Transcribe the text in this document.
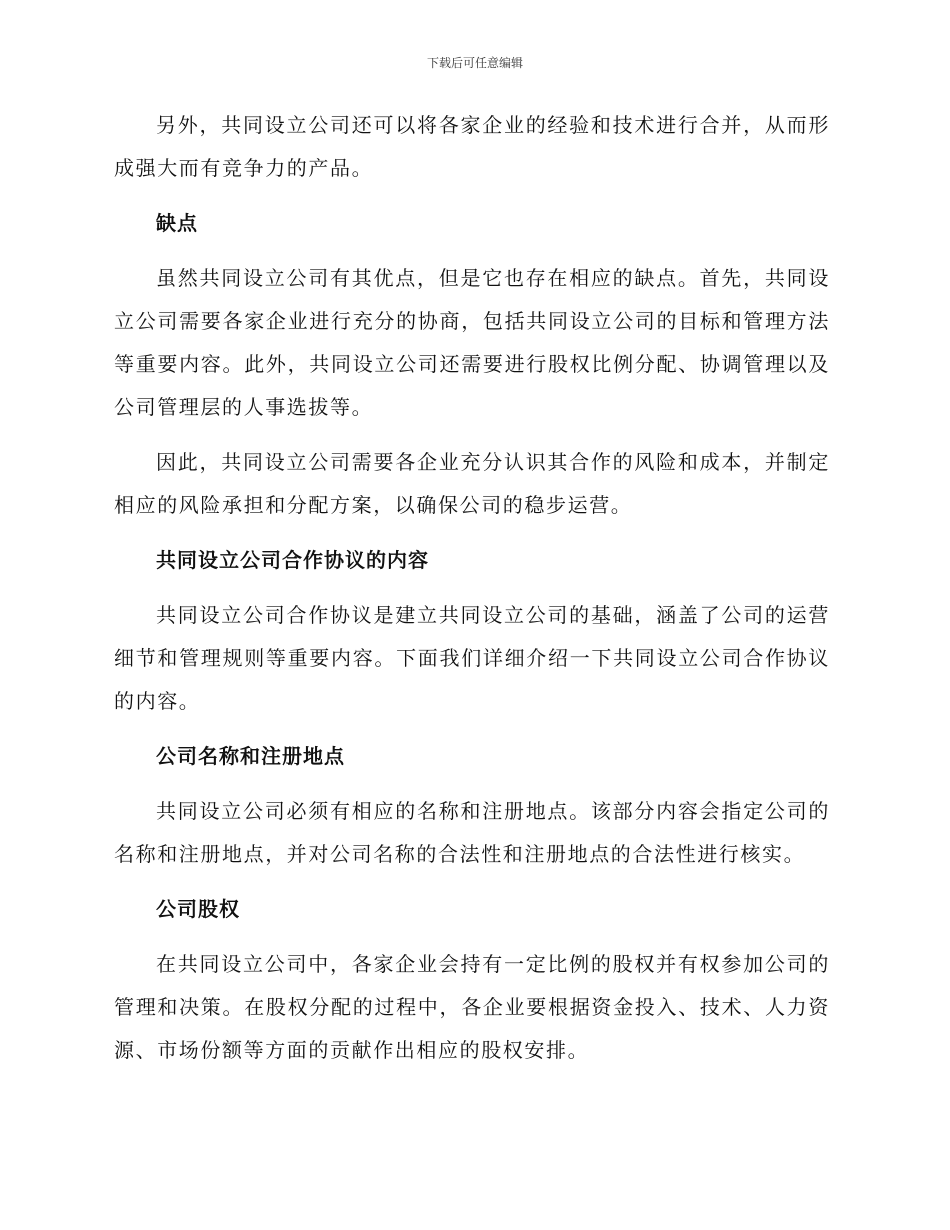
下载后可任意编辑

另外，共同设立公司还可以将各家企业的经验和技术进行合并，从而形成强大而有竞争力的产品。

缺点

虽然共同设立公司有其优点，但是它也存在相应的缺点。首先，共同设立公司需要各家企业进行充分的协商，包括共同设立公司的目标和管理方法等重要内容。此外，共同设立公司还需要进行股权比例分配、协调管理以及公司管理层的人事选拔等。

因此，共同设立公司需要各企业充分认识其合作的风险和成本，并制定相应的风险承担和分配方案，以确保公司的稳步运营。

共同设立公司合作协议的内容

共同设立公司合作协议是建立共同设立公司的基础，涵盖了公司的运营细节和管理规则等重要内容。下面我们详细介绍一下共同设立公司合作协议的内容。

公司名称和注册地点

共同设立公司必须有相应的名称和注册地点。该部分内容会指定公司的名称和注册地点，并对公司名称的合法性和注册地点的合法性进行核实。

公司股权

在共同设立公司中，各家企业会持有一定比例的股权并有权参加公司的管理和决策。在股权分配的过程中，各企业要根据资金投入、技术、人力资源、市场份额等方面的贡献作出相应的股权安排。
